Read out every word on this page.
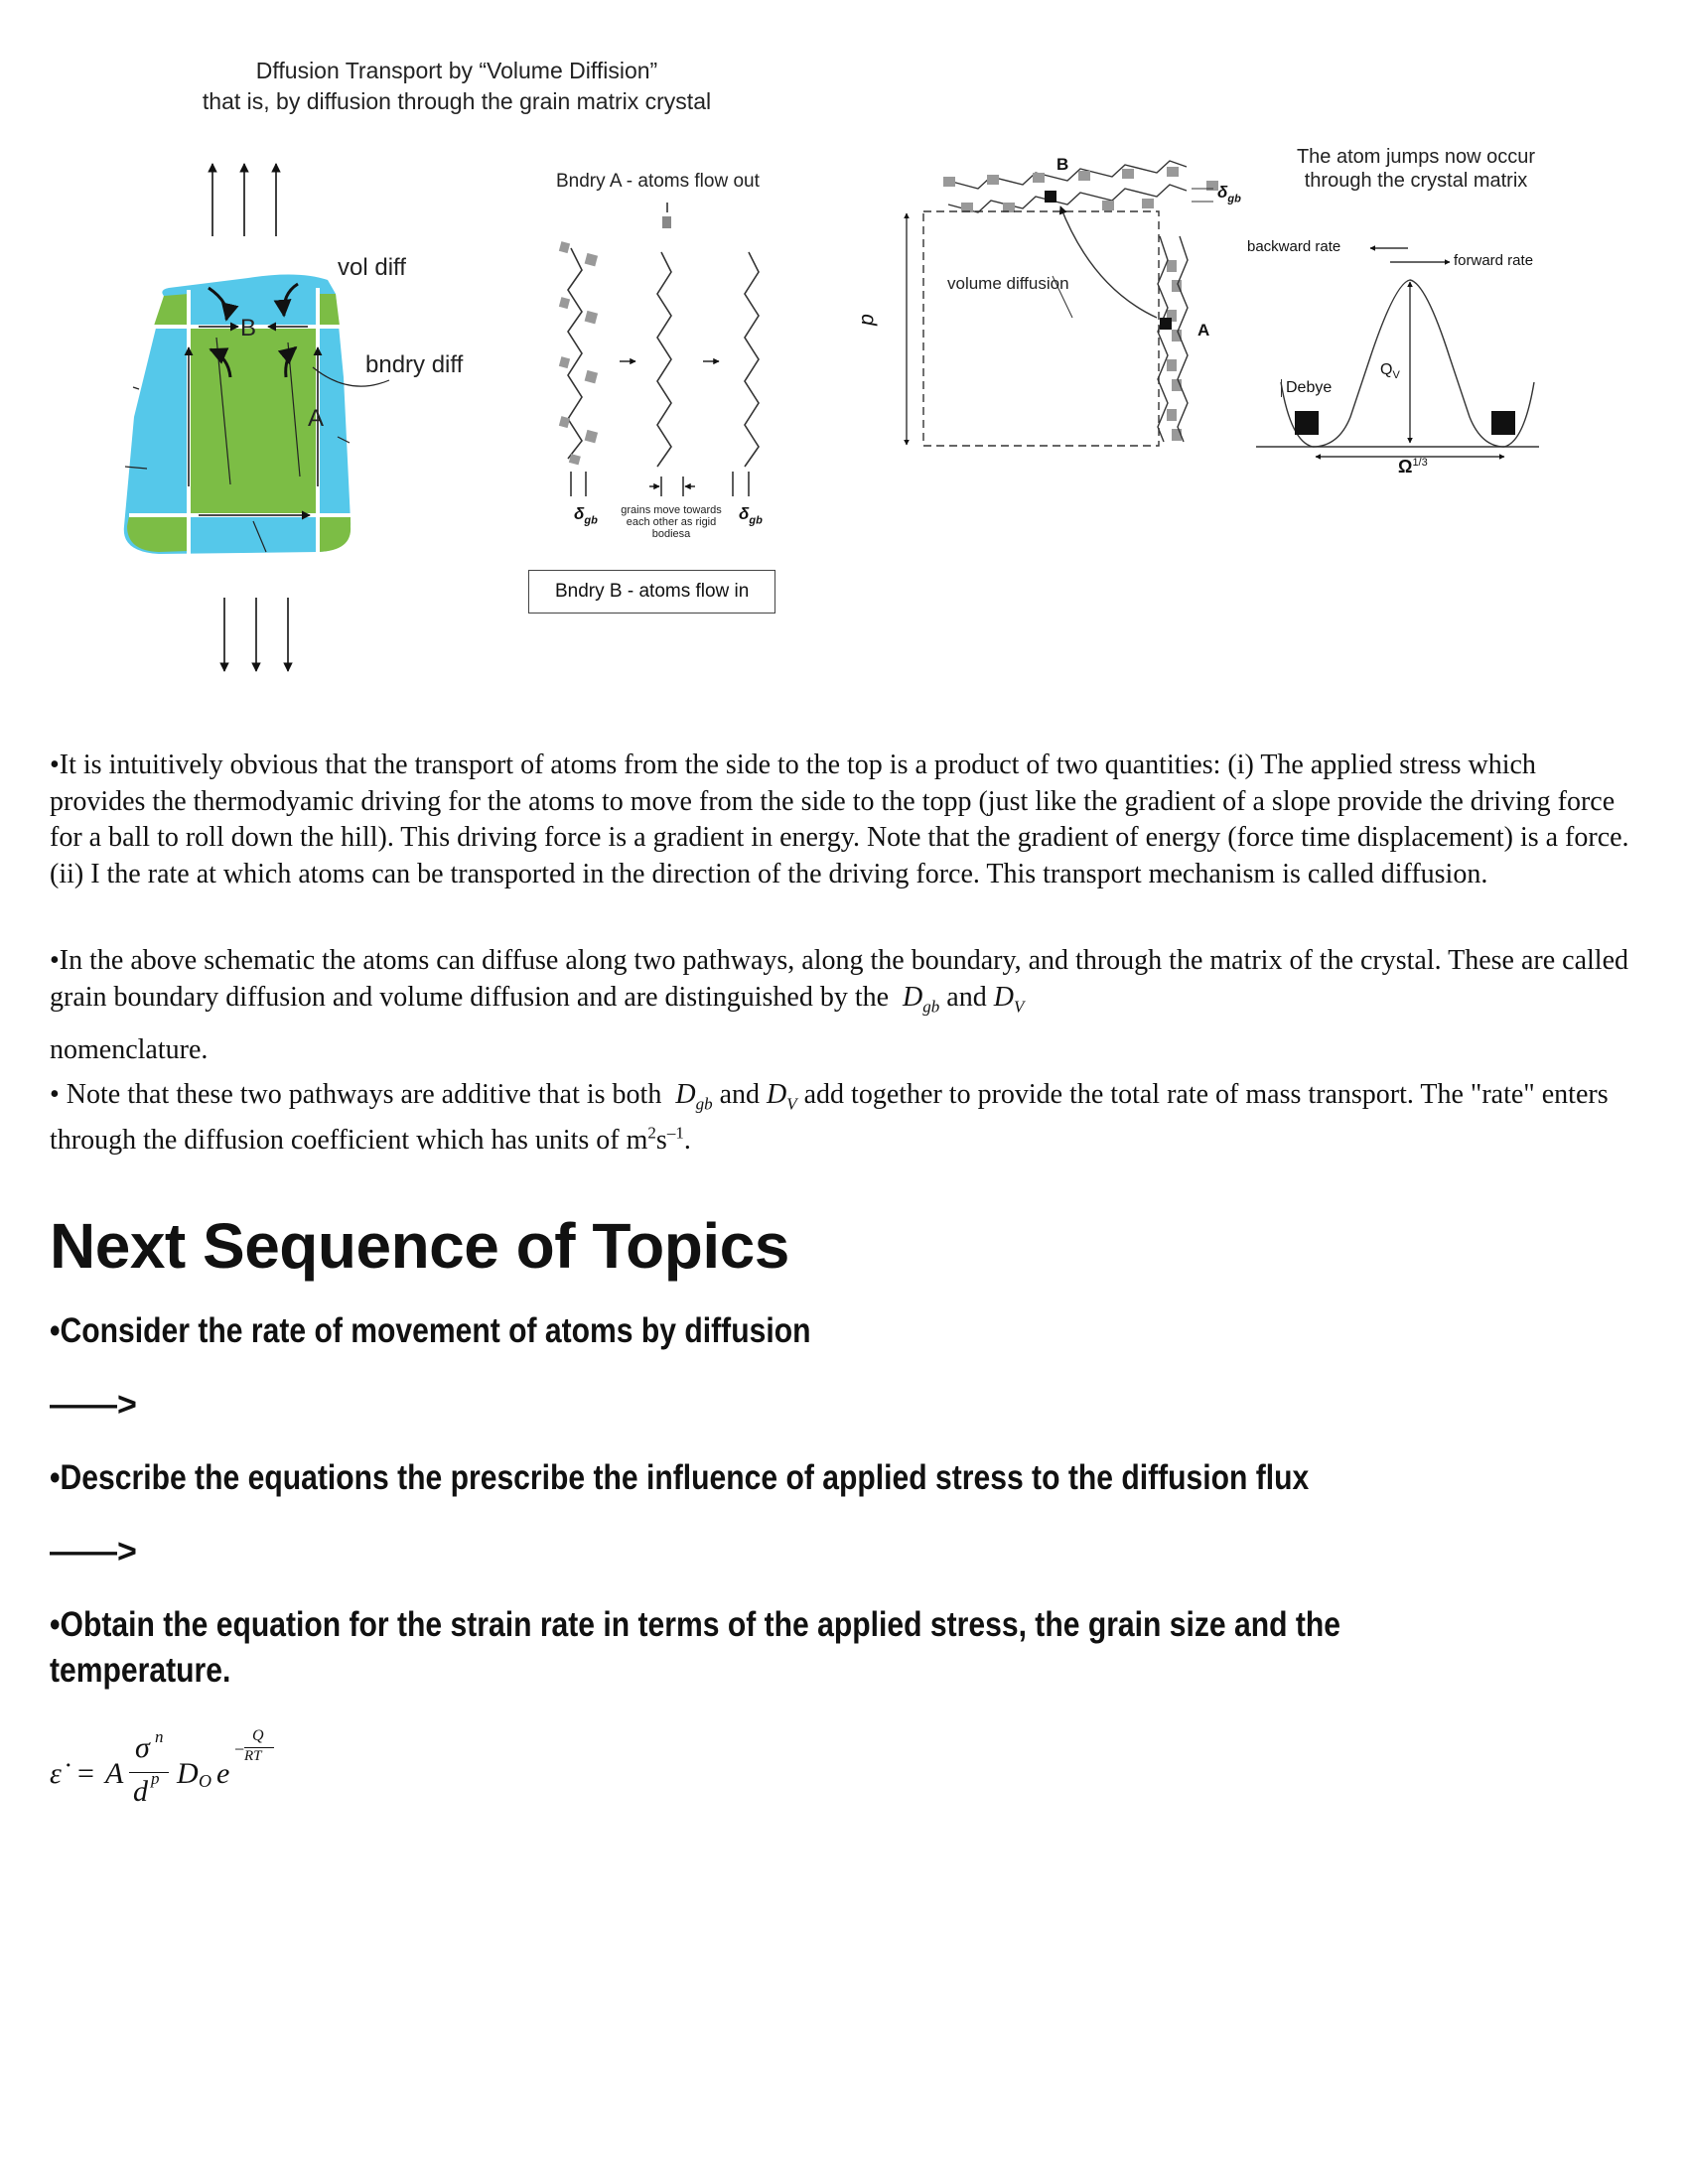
Dffusion Transport by “Volume Diffision”
that is, by diffusion through the grain matrix crystal
vol diff
bndry diff
B
A
Bndry A - atoms flow out
Bndry B - atoms flow in
$\delta_{gb}$	$\delta_{gb}$
grains move towards each other as rigid bodiesa
B
A
d
volume diffusion
$\delta_{gb}$
The atom jumps now occur
through the crystal matrix
backward rate
forward rate
Debye
$Q_V$
$\Omega^{1/3}$
•It is intuitively obvious that the transport of atoms from the side to the top is a product of two quantities: (i) The applied stress which provides the thermodyamic driving for the atoms to move from the side to the topp (just like the gradient of a slope provide the driving force for a ball to roll down the hill). This driving force is a gradient in energy. Note that the gradient of energy (force time displacement) is a force. (ii) I the rate at which atoms can be transported in the direction of the driving force. This transport mechanism is called diffusion.
•In the above schematic the atoms can diffuse along two pathways, along the boundary, and through the matrix of the crystal. These are called grain boundary diffusion and volume diffusion and are distinguished by the $D_{gb}$ and $D_V$
nomenclature.
• Note that these two pathways are additive that is both $D_{gb}$ and $D_V$ add together to provide the total rate of mass transport. The "rate" enters through the diffusion coefficient which has units of $m^2s^{-1}$.
Next Sequence of Topics
•Consider the rate of movement of atoms by diffusion
——>
•Describe the equations the prescribe the influence of applied stress to the diffusion flux
——>
•Obtain the equation for the strain rate in terms of the applied stress, the grain size and the
temperature.
ε̇ = A
σ n
d p D O e
−
Q
RT
